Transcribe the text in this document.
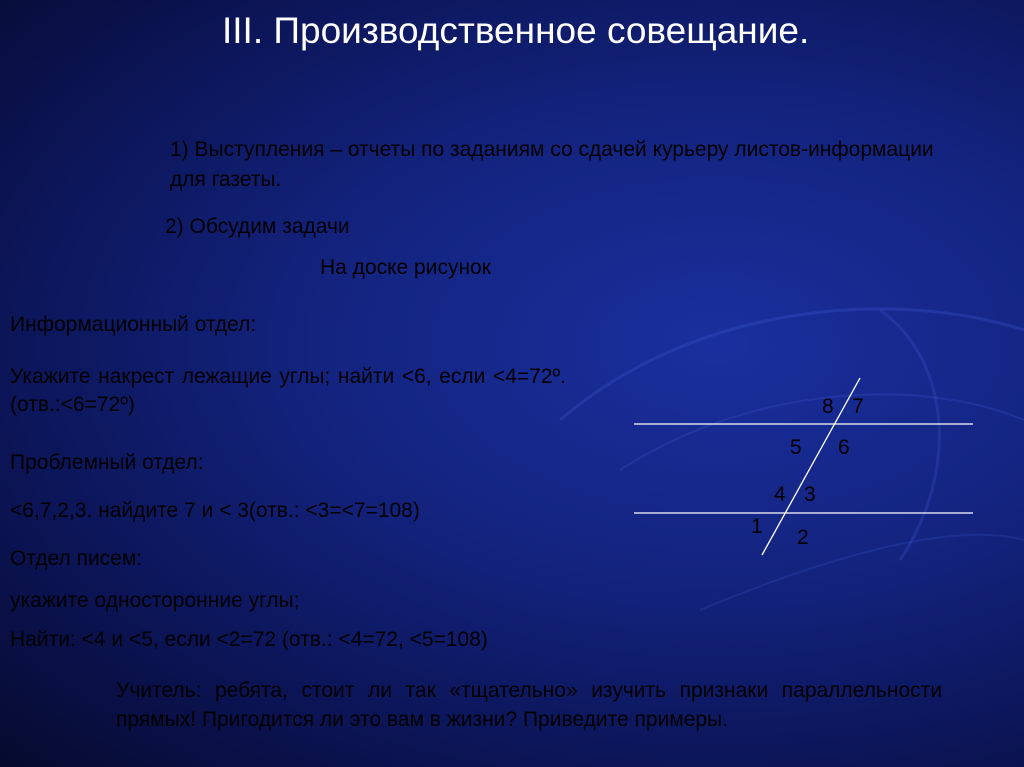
III. Производственное совещание.
1) Выступления – отчеты по заданиям со сдачей курьеру листов-информации для газеты.
2) Обсудим задачи
На доске рисунок
Информационный отдел:
Укажите накрест лежащие углы; найти <6, если <4=72º. (отв.:<6=72º)
Проблемный отдел:
<6,7,2,3. найдите 7 и < 3(отв.: <3=<7=108)
Отдел писем:
укажите односторонние углы;
Найти: <4 и <5, если <2=72 (отв.: <4=72, <5=108)
Учитель: ребята, стоит ли так «тщательно» изучить признаки параллельности прямых! Пригодится ли это вам в жизни? Приведите примеры.
8 7
5 6
4 3
1 2
